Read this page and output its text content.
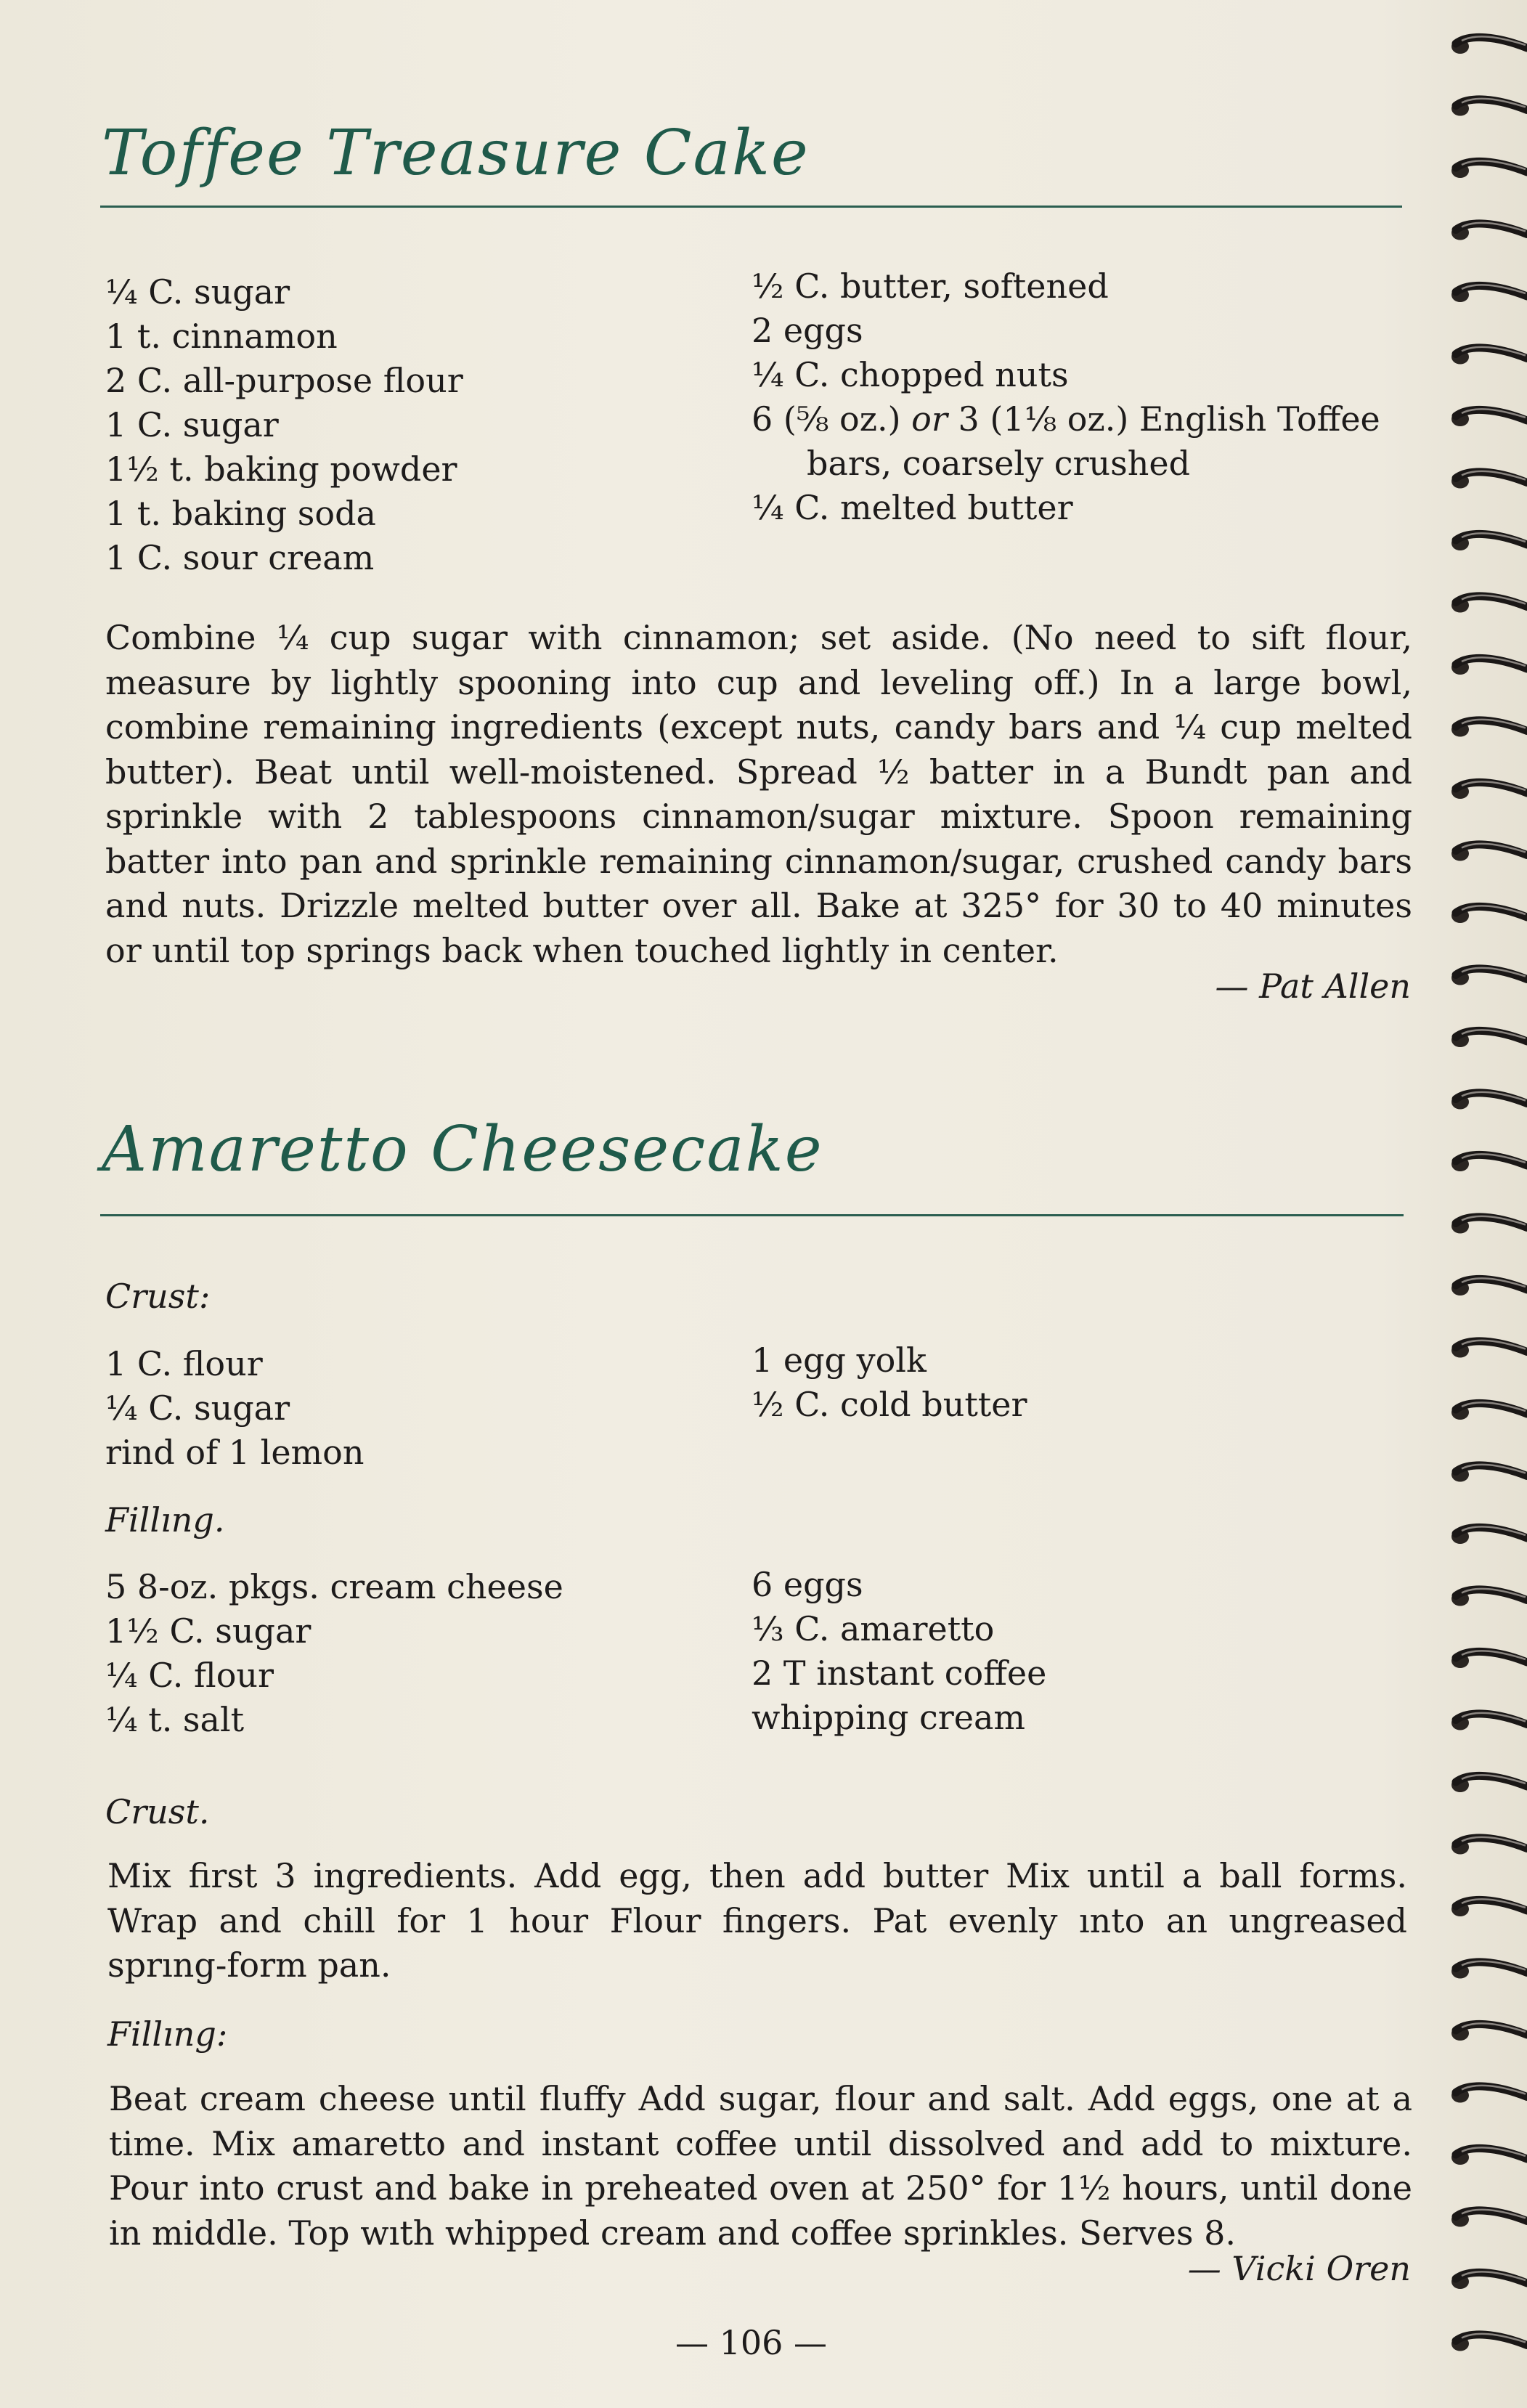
Toffee Treasure Cake
¼ C. sugar
1 t. cinnamon
2 C. all-purpose flour
1 C. sugar
1½ t. baking powder
1 t. baking soda
1 C. sour cream
½ C. butter, softened
2 eggs
¼ C. chopped nuts
6 (⅝ oz.) or 3 (1⅛ oz.) English Toffee
bars, coarsely crushed
¼ C. melted butter

Combine ¼ cup sugar with cinnamon; set aside. (No need to sift flour, measure by lightly spooning into cup and leveling off.) In a large bowl, combine remaining ingredients (except nuts, candy bars and ¼ cup melted butter). Beat until well-moistened. Spread ½ batter in a Bundt pan and sprinkle with 2 tablespoons cinnamon/sugar mixture. Spoon remaining batter into pan and sprinkle remaining cinnamon/sugar, crushed candy bars and nuts. Drizzle melted butter over all. Bake at 325° for 30 to 40 minutes or until top springs back when touched lightly in center.

— Pat Allen
Amaretto Cheesecake
Crust:
1 C. flour
¼ C. sugar
rind of 1 lemon
1 egg yolk
½ C. cold butter
Fillıng.
5 8-oz. pkgs. cream cheese
1½ C. sugar
¼ C. flour
¼ t. salt
6 eggs
⅓ C. amaretto
2 T instant coffee
whipping cream
Crust.

Mix first 3 ingredients. Add egg, then add butter Mix until a ball forms. Wrap and chill for 1 hour Flour fingers. Pat evenly ınto an ungreased sprıng-form pan.

Fillıng:

Beat cream cheese until fluffy Add sugar, flour and salt. Add eggs, one at a time. Mix amaretto and instant coffee until dissolved and add to mixture. Pour into crust and bake in preheated oven at 250° for 1½ hours, until done in middle. Top wıth whipped cream and coffee sprinkles. Serves 8.

— Vicki Oren
— 106 —
